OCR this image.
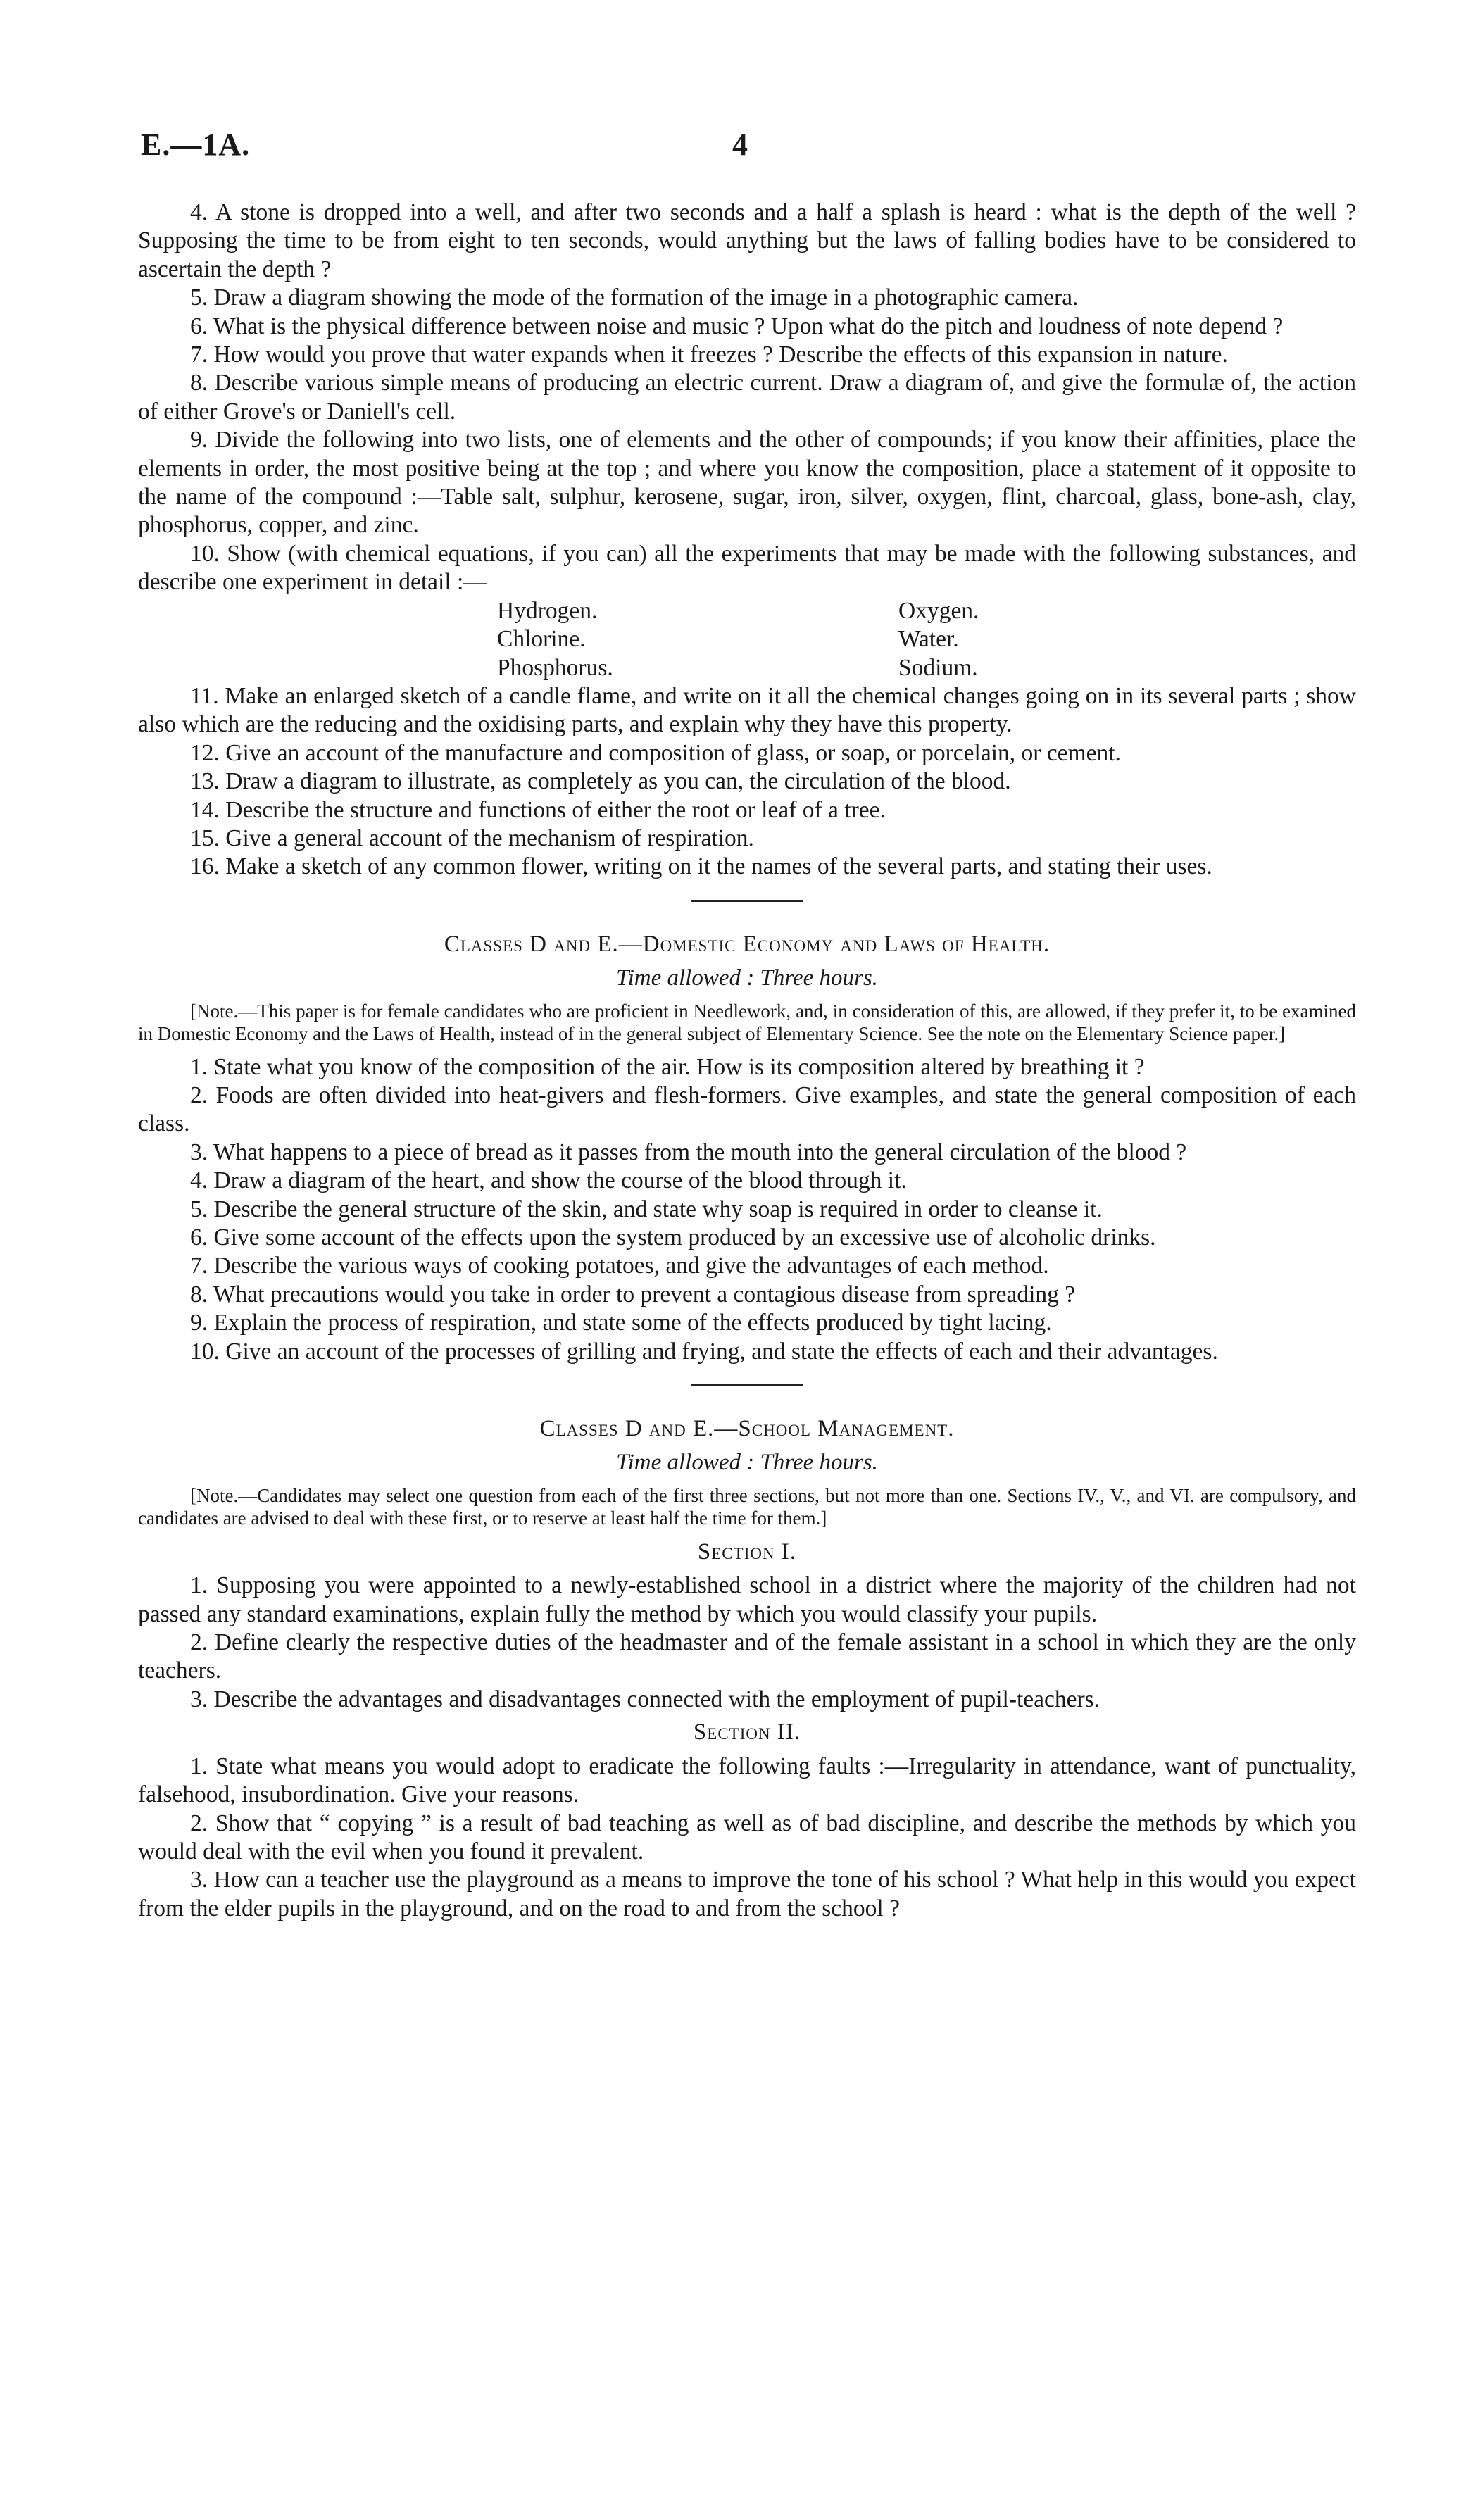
E.—1A.	4

4. A stone is dropped into a well, and after two seconds and a half a splash is heard : what is the depth of the well ? Supposing the time to be from eight to ten seconds, would anything but the laws of falling bodies have to be considered to ascertain the depth ?

5. Draw a diagram showing the mode of the formation of the image in a photographic camera.

6. What is the physical difference between noise and music ? Upon what do the pitch and loudness of note depend ?

7. How would you prove that water expands when it freezes ? Describe the effects of this expansion in nature.

8. Describe various simple means of producing an electric current. Draw a diagram of, and give the formulæ of, the action of either Grove's or Daniell's cell.

9. Divide the following into two lists, one of elements and the other of compounds; if you know their affinities, place the elements in order, the most positive being at the top ; and where you know the composition, place a statement of it opposite to the name of the compound :—Table salt, sulphur, kerosene, sugar, iron, silver, oxygen, flint, charcoal, glass, bone-ash, clay, phosphorus, copper, and zinc.

10. Show (with chemical equations, if you can) all the experiments that may be made with the following substances, and describe one experiment in detail :—

Hydrogen.	Oxygen.
Chlorine.	Water.
Phosphorus.	Sodium.

11. Make an enlarged sketch of a candle flame, and write on it all the chemical changes going on in its several parts ; show also which are the reducing and the oxidising parts, and explain why they have this property.

12. Give an account of the manufacture and composition of glass, or soap, or porcelain, or cement.

13. Draw a diagram to illustrate, as completely as you can, the circulation of the blood.

14. Describe the structure and functions of either the root or leaf of a tree.

15. Give a general account of the mechanism of respiration.

16. Make a sketch of any common flower, writing on it the names of the several parts, and stating their uses.

Classes D and E.—Domestic Economy and Laws of Health.
Time allowed : Three hours.

[Note.—This paper is for female candidates who are proficient in Needlework, and, in consideration of this, are allowed, if they prefer it, to be examined in Domestic Economy and the Laws of Health, instead of in the general subject of Elementary Science. See the note on the Elementary Science paper.]

1. State what you know of the composition of the air. How is its composition altered by breathing it ?

2. Foods are often divided into heat-givers and flesh-formers. Give examples, and state the general composition of each class.

3. What happens to a piece of bread as it passes from the mouth into the general circulation of the blood ?

4. Draw a diagram of the heart, and show the course of the blood through it.

5. Describe the general structure of the skin, and state why soap is required in order to cleanse it.

6. Give some account of the effects upon the system produced by an excessive use of alcoholic drinks.

7. Describe the various ways of cooking potatoes, and give the advantages of each method.

8. What precautions would you take in order to prevent a contagious disease from spreading ?

9. Explain the process of respiration, and state some of the effects produced by tight lacing.

10. Give an account of the processes of grilling and frying, and state the effects of each and their advantages.

Classes D and E.—School Management.
Time allowed : Three hours.

[Note.—Candidates may select one question from each of the first three sections, but not more than one. Sections IV., V., and VI. are compulsory, and candidates are advised to deal with these first, or to reserve at least half the time for them.]

Section I.

1. Supposing you were appointed to a newly-established school in a district where the majority of the children had not passed any standard examinations, explain fully the method by which you would classify your pupils.

2. Define clearly the respective duties of the headmaster and of the female assistant in a school in which they are the only teachers.

3. Describe the advantages and disadvantages connected with the employment of pupil-teachers.

Section II.

1. State what means you would adopt to eradicate the following faults :—Irregularity in attendance, want of punctuality, falsehood, insubordination. Give your reasons.

2. Show that “ copying ” is a result of bad teaching as well as of bad discipline, and describe the methods by which you would deal with the evil when you found it prevalent.

3. How can a teacher use the playground as a means to improve the tone of his school ? What help in this would you expect from the elder pupils in the playground, and on the road to and from the school ?
